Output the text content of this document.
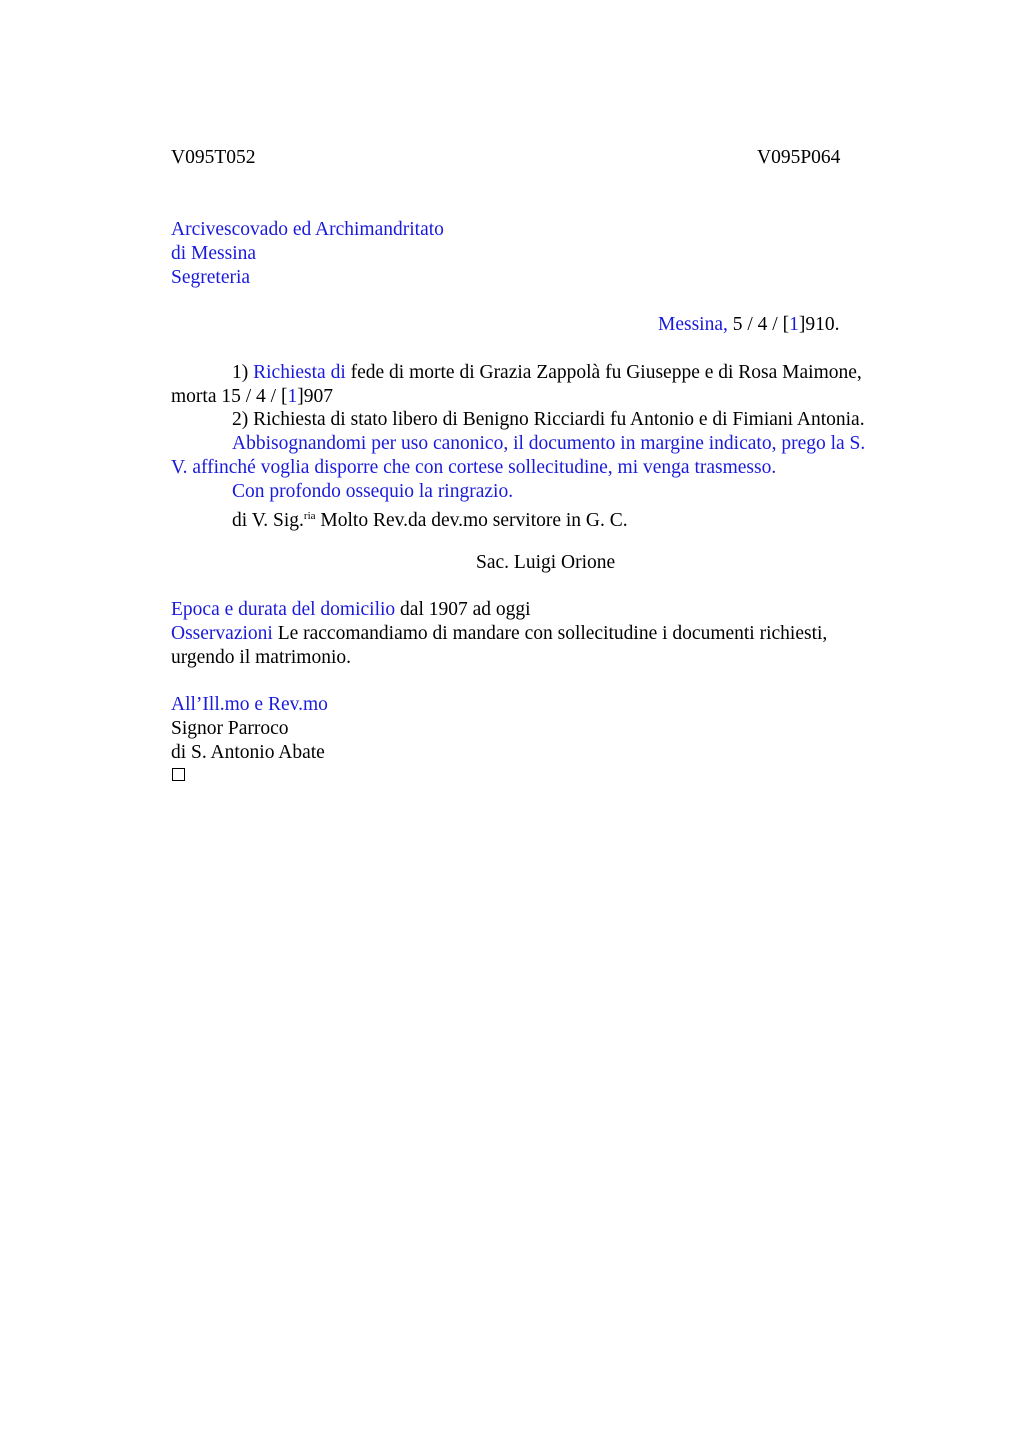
V095T052	V095P064
Arcivescovado ed Archimandritato
di Messina
Segreteria
Messina, 5 / 4 / [1]910.
1) Richiesta di fede di morte di Grazia Zappolà fu Giuseppe e di Rosa Maimone,
morta 15 / 4 / [1]907
2) Richiesta di stato libero di Benigno Ricciardi fu Antonio e di Fimiani Antonia.
Abbisognandomi per uso canonico, il documento in margine indicato, prego la S.
V. affinché voglia disporre che con cortese sollecitudine, mi venga trasmesso.
Con profondo ossequio la ringrazio.
di V. Sig.$^{ria}$ Molto Rev.da dev.mo servitore in G. C.
Sac. Luigi Orione
Epoca e durata del domicilio dal 1907 ad oggi
Osservazioni Le raccomandiamo di mandare con sollecitudine i documenti richiesti,
urgendo il matrimonio.
All’Ill.mo e Rev.mo
Signor Parroco
di S. Antonio Abate
